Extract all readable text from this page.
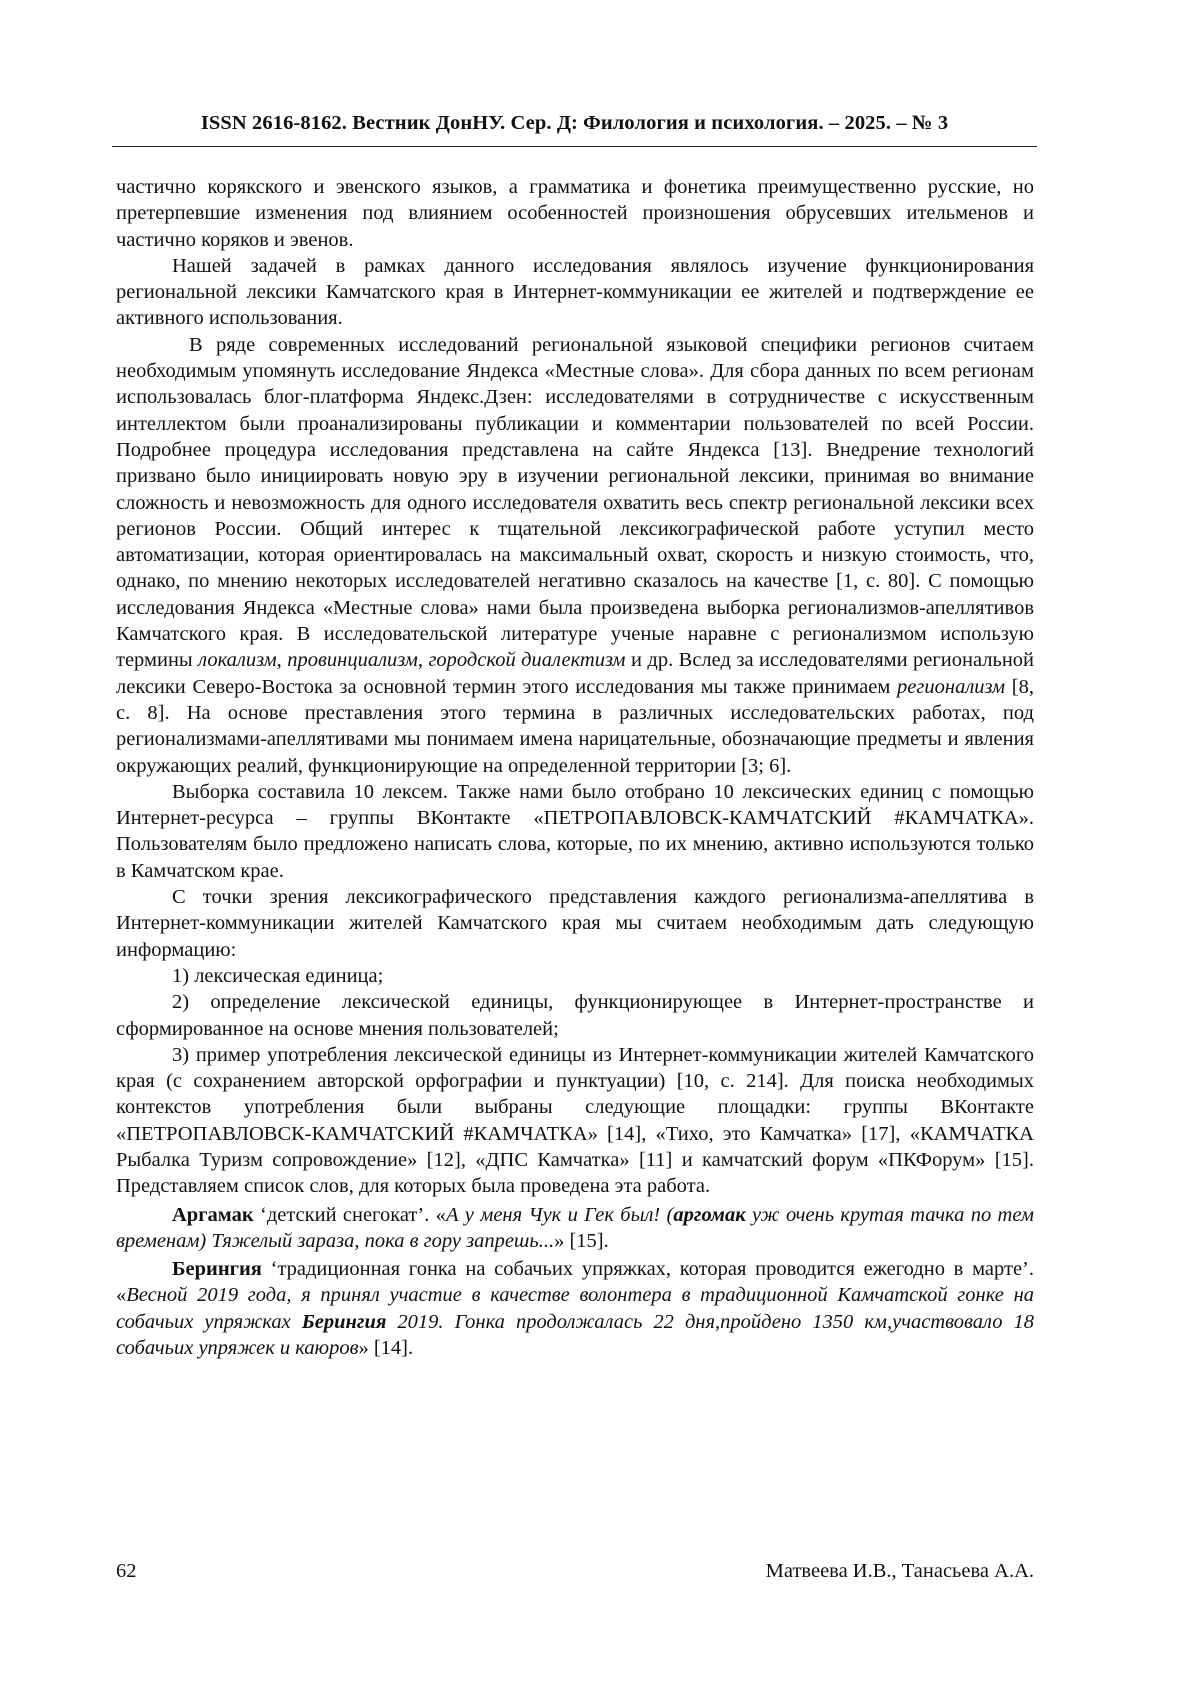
ISSN 2616-8162. Вестник ДонНУ. Сер. Д: Филология и психология. – 2025. – № 3

частично корякского и эвенского языков, а грамматика и фонетика преимущественно русские, но претерпевшие изменения под влиянием особенностей произношения обрусевших ительменов и частично коряков и эвенов.

Нашей задачей в рамках данного исследования являлось изучение функционирования региональной лексики Камчатского края в Интернет-коммуникации ее жителей и подтверждение ее активного использования.

В ряде современных исследований региональной языковой специфики регионов считаем необходимым упомянуть исследование Яндекса «Местные слова». Для сбора данных по всем регионам использовалась блог-платформа Яндекс.Дзен: исследователями в сотрудничестве с искусственным интеллектом были проанализированы публикации и комментарии пользователей по всей России. Подробнее процедура исследования представлена на сайте Яндекса [13]. Внедрение технологий призвано было инициировать новую эру в изучении региональной лексики, принимая во внимание сложность и невозможность для одного исследователя охватить весь спектр региональной лексики всех регионов России. Общий интерес к тщательной лексикографической работе уступил место автоматизации, которая ориентировалась на максимальный охват, скорость и низкую стоимость, что, однако, по мнению некоторых исследователей негативно сказалось на качестве [1, с. 80]. С помощью исследования Яндекса «Местные слова» нами была произведена выборка регионализмов-апеллятивов Камчатского края. В исследовательской литературе ученые наравне с регионализмом использую термины локализм, провинциализм, городской диалектизм и др. Вслед за исследователями региональной лексики Северо-Востока за основной термин этого исследования мы также принимаем регионализм [8, с. 8]. На основе преставления этого термина в различных исследовательских работах, под регионализмами-апеллятивами мы понимаем имена нарицательные, обозначающие предметы и явления окружающих реалий, функционирующие на определенной территории [3; 6].

Выборка составила 10 лексем. Также нами было отобрано 10 лексических единиц с помощью Интернет-ресурса – группы ВКонтакте «ПЕТРОПАВЛОВСК-КАМЧАТСКИЙ #КАМЧАТКА». Пользователям было предложено написать слова, которые, по их мнению, активно используются только в Камчатском крае.

С точки зрения лексикографического представления каждого регионализма-апеллятива в Интернет-коммуникации жителей Камчатского края мы считаем необходимым дать следующую информацию:

1) лексическая единица;

2) определение лексической единицы, функционирующее в Интернет-пространстве и сформированное на основе мнения пользователей;

3) пример употребления лексической единицы из Интернет-коммуникации жителей Камчатского края (с сохранением авторской орфографии и пунктуации) [10, с. 214]. Для поиска необходимых контекстов употребления были выбраны следующие площадки: группы ВКонтакте «ПЕТРОПАВЛОВСК-КАМЧАТСКИЙ #КАМЧАТКА» [14], «Тихо, это Камчатка» [17], «КАМЧАТКА Рыбалка Туризм сопровождение» [12], «ДПС Камчатка» [11] и камчатский форум «ПКФорум» [15]. Представляем список слов, для которых была проведена эта работа.

Аргамак ‘детский снегокат’. «А у меня Чук и Гек был! (аргомак уж очень крутая тачка по тем временам) Тяжелый зараза, пока в гору запрешь...» [15].

Берингия ‘традиционная гонка на собачьих упряжках, которая проводится ежегодно в марте’. «Весной 2019 года, я принял участие в качестве волонтера в традиционной Камчатской гонке на собачьих упряжках Берингия 2019. Гонка продолжалась 22 дня,пройдено 1350 км,участвовало 18 собачьих упряжек и каюров» [14].

62	Матвеева И.В., Танасьева А.А.
